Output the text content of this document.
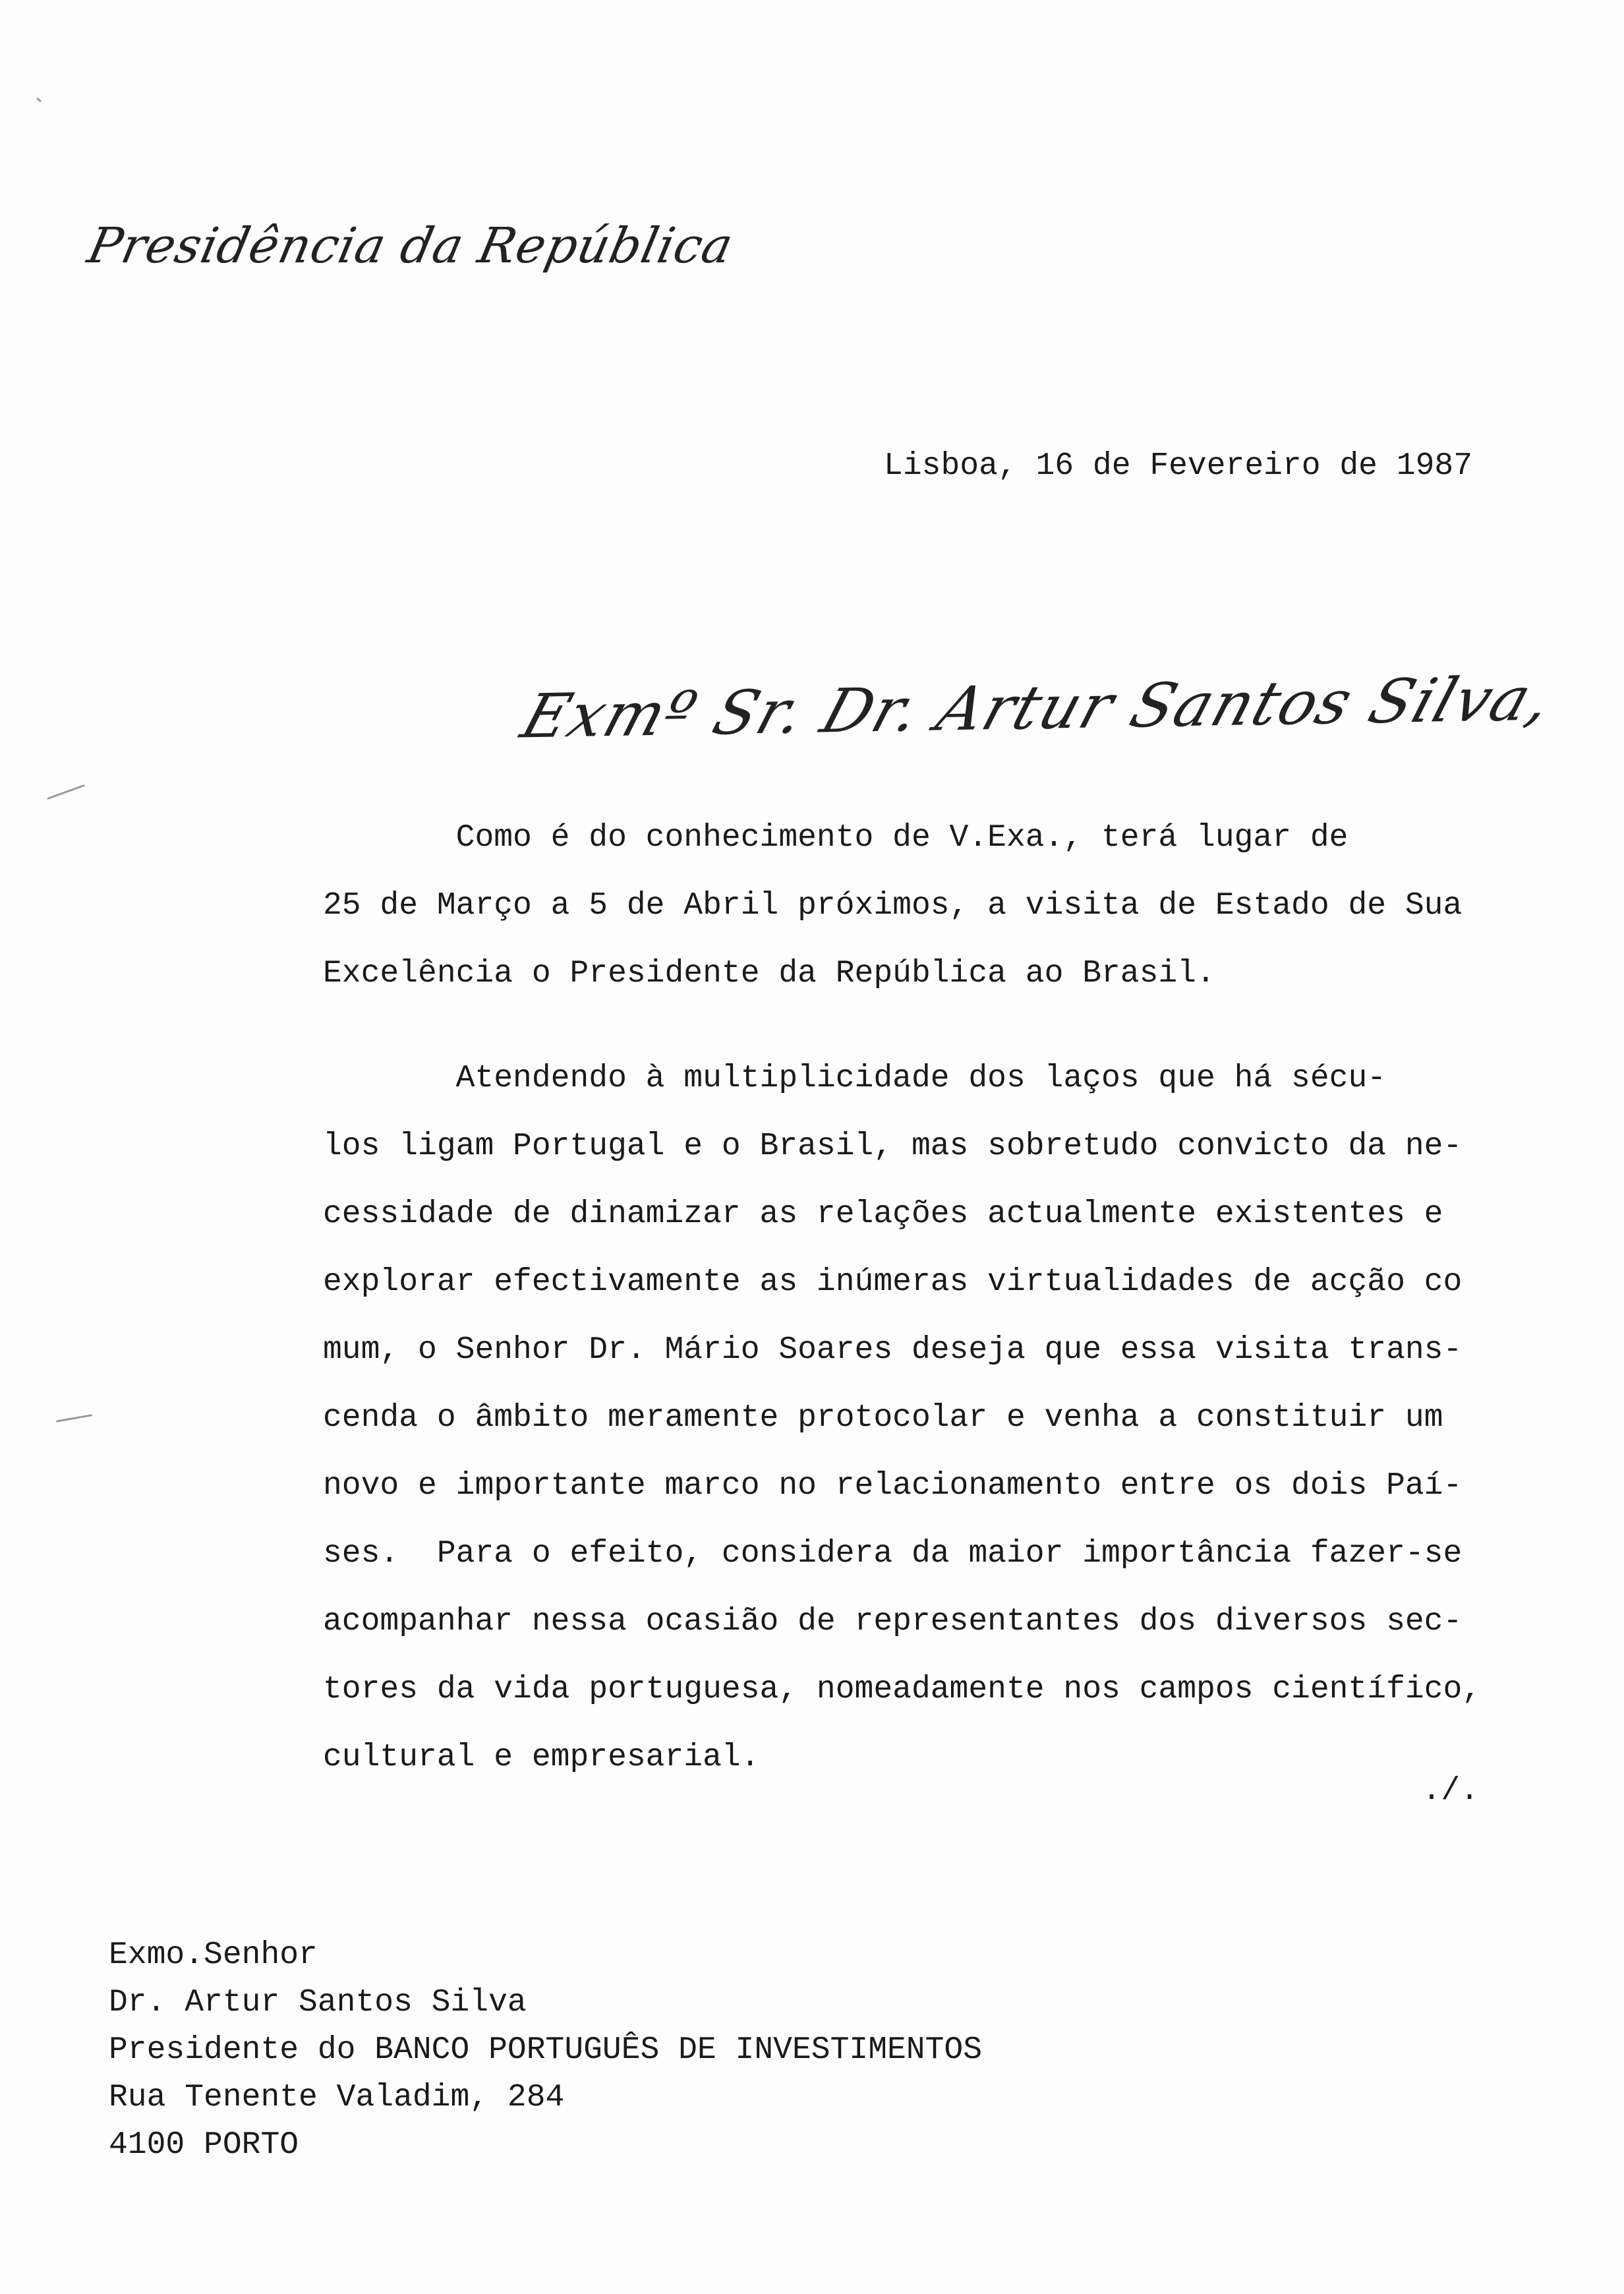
Presidência da República
Lisboa, 16 de Fevereiro de 1987
Exmº Sr. Dr. Artur Santos Silva,

Como é do conhecimento de V.Exa., terá lugar de

25 de Março a 5 de Abril próximos, a visita de Estado de Sua

Excelência o Presidente da República ao Brasil.

Atendendo à multiplicidade dos laços que há sécu-

los ligam Portugal e o Brasil, mas sobretudo convicto da ne-

cessidade de dinamizar as relações actualmente existentes e

explorar efectivamente as inúmeras virtualidades de acção co

mum, o Senhor Dr. Mário Soares deseja que essa visita trans-

cenda o âmbito meramente protocolar e venha a constituir um

novo e importante marco no relacionamento entre os dois Paí-

ses.  Para o efeito, considera da maior importância fazer-se

acompanhar nessa ocasião de representantes dos diversos sec-

tores da vida portuguesa, nomeadamente nos campos científico,

cultural e empresarial.

./.
Exmo.Senhor
Dr. Artur Santos Silva
Presidente do BANCO PORTUGUÊS DE INVESTIMENTOS
Rua Tenente Valadim, 284
4100 PORTO
